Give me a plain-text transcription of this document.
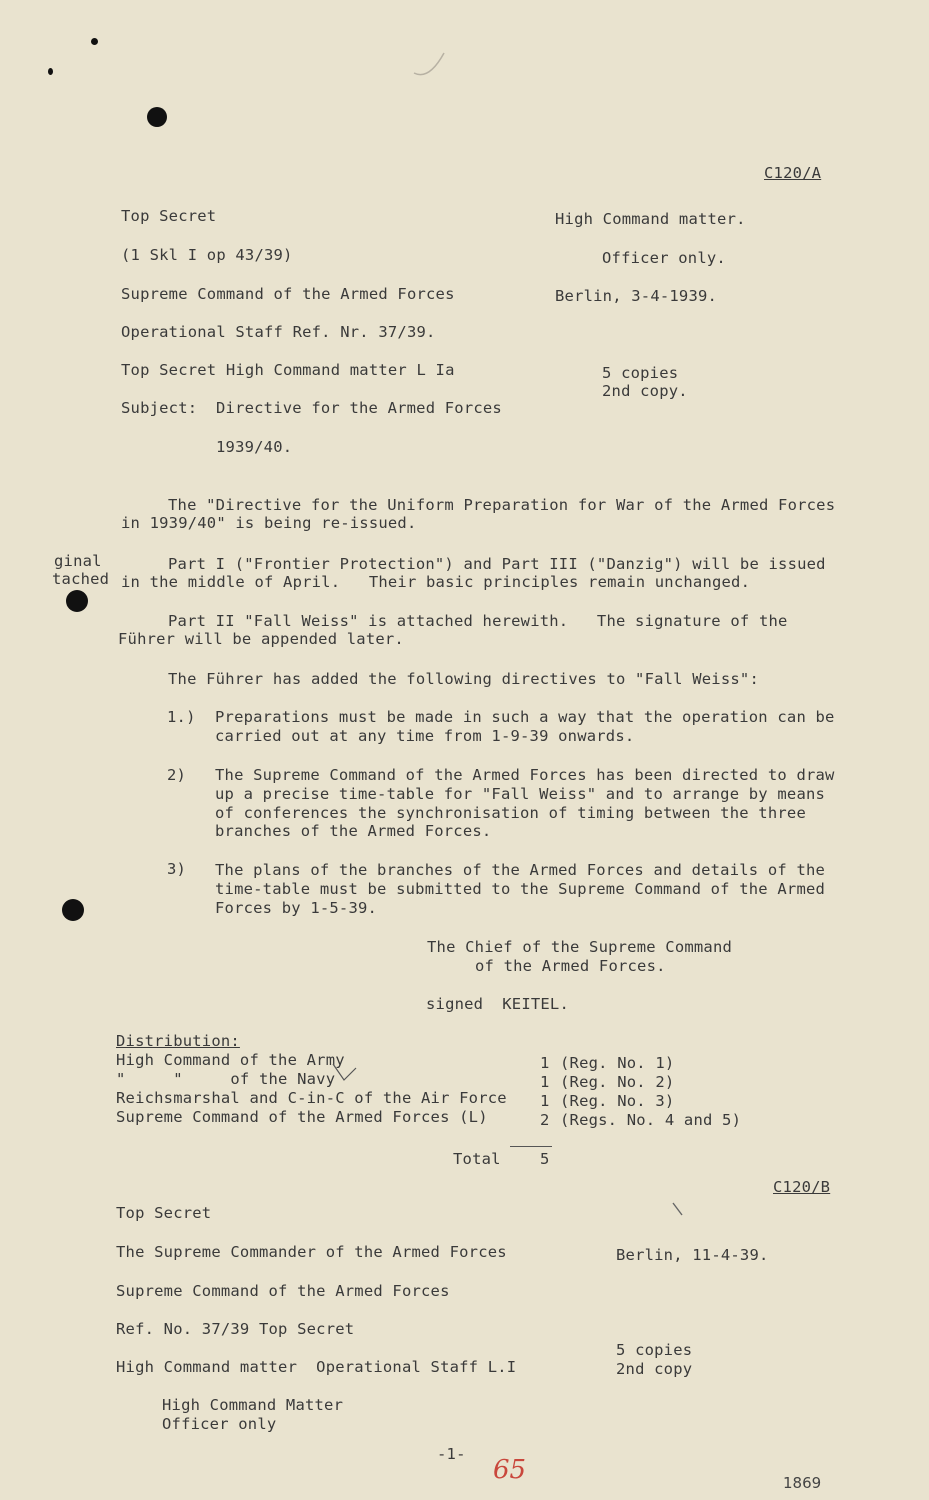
C120/A
Top Secret
(1 Skl I op 43/39)
Supreme Command of the Armed Forces
Operational Staff Ref. Nr. 37/39.
Top Secret High Command matter L Ia
Subject: Directive for the Armed Forces
1939/40.
High Command matter.
Officer only.
Berlin, 3-4-1939.
5 copies
2nd copy.
ginal
tached
The "Directive for the Uniform Preparation for War of the Armed Forces
in 1939/40" is being re-issued.
Part I ("Frontier Protection") and Part III ("Danzig") will be issued
in the middle of April.   Their basic principles remain unchanged.
Part II "Fall Weiss" is attached herewith.   The signature of the
Führer will be appended later.
The Führer has added the following directives to "Fall Weiss":
1.) Preparations must be made in such a way that the operation can be
carried out at any time from 1-9-39 onwards.
2) The Supreme Command of the Armed Forces has been directed to draw
up a precise time-table for "Fall Weiss" and to arrange by means
of conferences the synchronisation of timing between the three
branches of the Armed Forces.
3) The plans of the branches of the Armed Forces and details of the
time-table must be submitted to the Supreme Command of the Armed
Forces by 1-5-39.
The Chief of the Supreme Command
of the Armed Forces.
signed  KEITEL.
Distribution:
High Command of the Army
"     "     of the Navy
Reichsmarshal and C-in-C of the Air Force
Supreme Command of the Armed Forces (L)
1
1
1
2
(Reg. No. 1)
(Reg. No. 2)
(Reg. No. 3)
(Regs. No. 4 and 5)
Total	5
C120/B
Top Secret
The Supreme Commander of the Armed Forces
Supreme Command of the Armed Forces
Ref. No. 37/39 Top Secret
High Command matter  Operational Staff L.I
Berlin, 11-4-39.
5 copies
2nd copy
High Command Matter
Officer only
-1-
65	1869
